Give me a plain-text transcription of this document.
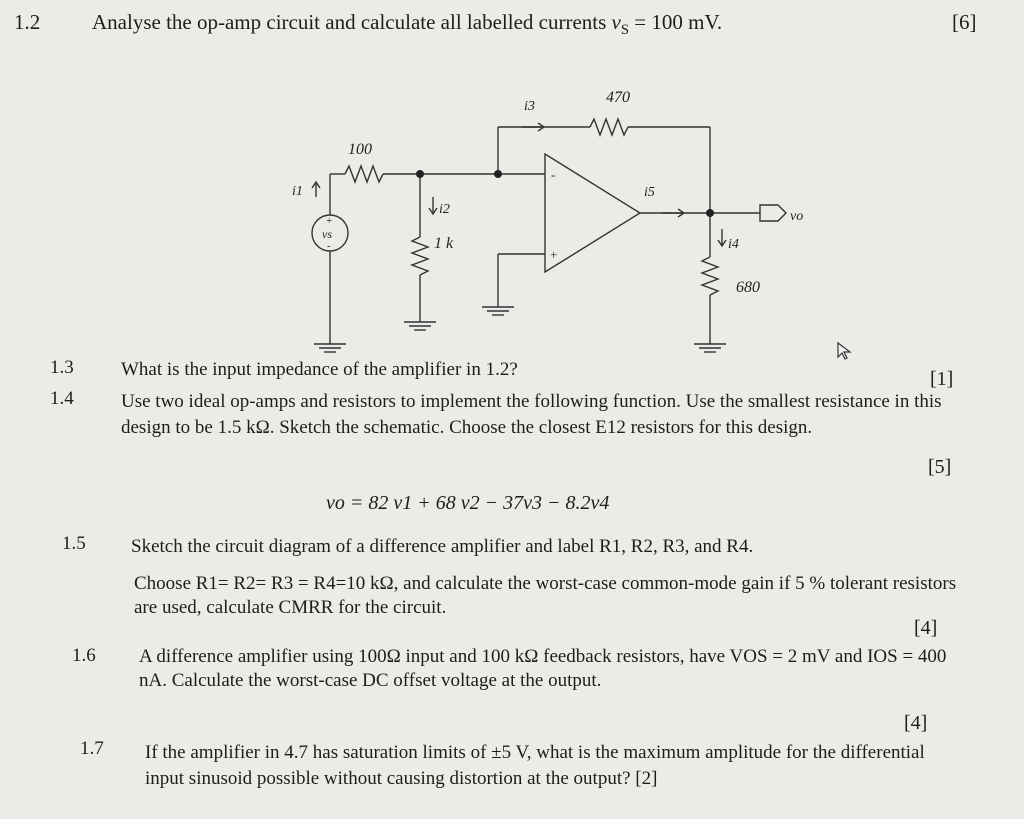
1.2 Analyse the op-amp circuit and calculate all labelled currents $v_S = 100$ mV.	[6]
100
1 k
470
680
i1
i2
i3
i4
i5
vs
+
-
vo
-
+
1.3 What is the input impedance of the amplifier in 1.2?	[1]
1.4 Use two ideal op-amps and resistors to implement the following function. Use the smallest resistance in this design to be 1.5 kΩ. Sketch the schematic. Choose the closest E12 resistors for this design.
[5]
vo = 82 v1 + 68 v2 − 37v3 − 8.2v4
1.5 Sketch the circuit diagram of a difference amplifier and label R1, R2, R3, and R4.
Choose R1= R2= R3 = R4=10 kΩ, and calculate the worst-case common-mode gain if 5 % tolerant resistors are used, calculate CMRR for the circuit.
[4]
1.6 A difference amplifier using 100Ω input and 100 kΩ feedback resistors, have VOS = 2 mV and IOS = 400 nA. Calculate the worst-case DC offset voltage at the output.
[4]
1.7 If the amplifier in 4.7 has saturation limits of ±5 V, what is the maximum amplitude for the differential input sinusoid possible without causing distortion at the output? [2]
